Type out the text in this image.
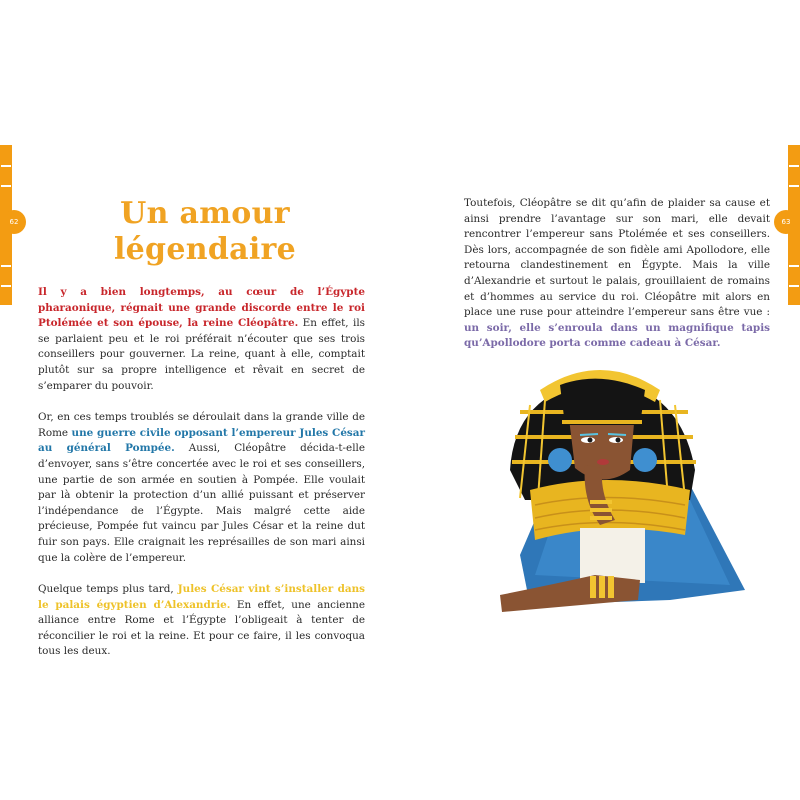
62	Un amour
légendaire

Il y a bien longtemps, au cœur de l’Égypte pharaonique, régnait une grande discorde entre le roi Ptolémée et son épouse, la reine Cléopâtre. En effet, ils se parlaient peu et le roi préférait n’écouter que ses trois conseillers pour gouverner. La reine, quant à elle, comptait plutôt sur sa propre intelligence et rêvait en secret de s’emparer du pouvoir.

Or, en ces temps troublés se déroulait dans la grande ville de Rome une guerre civile opposant l’empereur Jules César au général Pompée. Aussi, Cléopâtre décida-t-elle d’envoyer, sans s’être concertée avec le roi et ses conseillers, une partie de son armée en soutien à Pompée. Elle voulait par là obtenir la protection d’un allié puissant et préserver l’indépendance de l’Égypte. Mais malgré cette aide précieuse, Pompée fut vaincu par Jules César et la reine dut fuir son pays. Elle craignait les représailles de son mari ainsi que la colère de l’empereur.

Quelque temps plus tard, Jules César vint s’installer dans le palais égyptien d’Alexandrie. En effet, une ancienne alliance entre Rome et l’Égypte l’obligeait à tenter de réconcilier le roi et la reine. Et pour ce faire, il les convoqua tous les deux.

63

Toutefois, Cléopâtre se dit qu’afin de plaider sa cause et ainsi prendre l’avantage sur son mari, elle devait rencontrer l’empereur sans Ptolémée et ses conseillers. Dès lors, accompagnée de son fidèle ami Apollodore, elle retourna clandestinement en Égypte. Mais la ville d’Alexandrie et surtout le palais, grouillaient de romains et d’hommes au service du roi. Cléopâtre mit alors en place une ruse pour atteindre l’empereur sans être vue : un soir, elle s’enroula dans un magnifique tapis qu’Apollodore porta comme cadeau à César.
